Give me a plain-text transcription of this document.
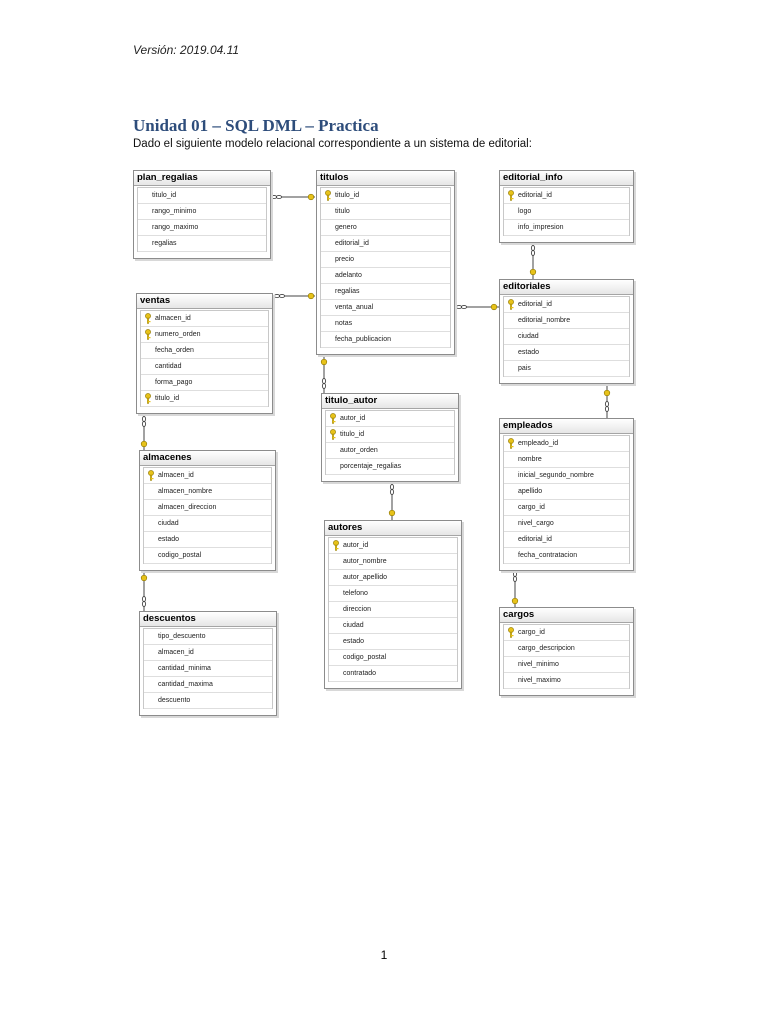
Versión: 2019.04.11
Unidad 01 – SQL DML – Practica
Dado el siguiente modelo relacional correspondiente a un sistema de editorial:
plan_regalias
titulo_id
rango_minimo
rango_maximo
regalias
titulos
titulo_id
titulo
genero
editorial_id
precio
adelanto
regalias
venta_anual
notas
fecha_publicacion
editorial_info
editorial_id
logo
info_impresion
ventas
almacen_id
numero_orden
fecha_orden
cantidad
forma_pago
titulo_id
editoriales
editorial_id
editorial_nombre
ciudad
estado
pais
titulo_autor
autor_id
titulo_id
autor_orden
porcentaje_regalias
empleados
empleado_id
nombre
inicial_segundo_nombre
apellido
cargo_id
nivel_cargo
editorial_id
fecha_contratacion
almacenes
almacen_id
almacen_nombre
almacen_direccion
ciudad
estado
codigo_postal
autores
autor_id
autor_nombre
autor_apellido
telefono
direccion
ciudad
estado
codigo_postal
contratado
descuentos
tipo_descuento
almacen_id
cantidad_minima
cantidad_maxima
descuento
cargos
cargo_id
cargo_descripcion
nivel_minimo
nivel_maximo
1
